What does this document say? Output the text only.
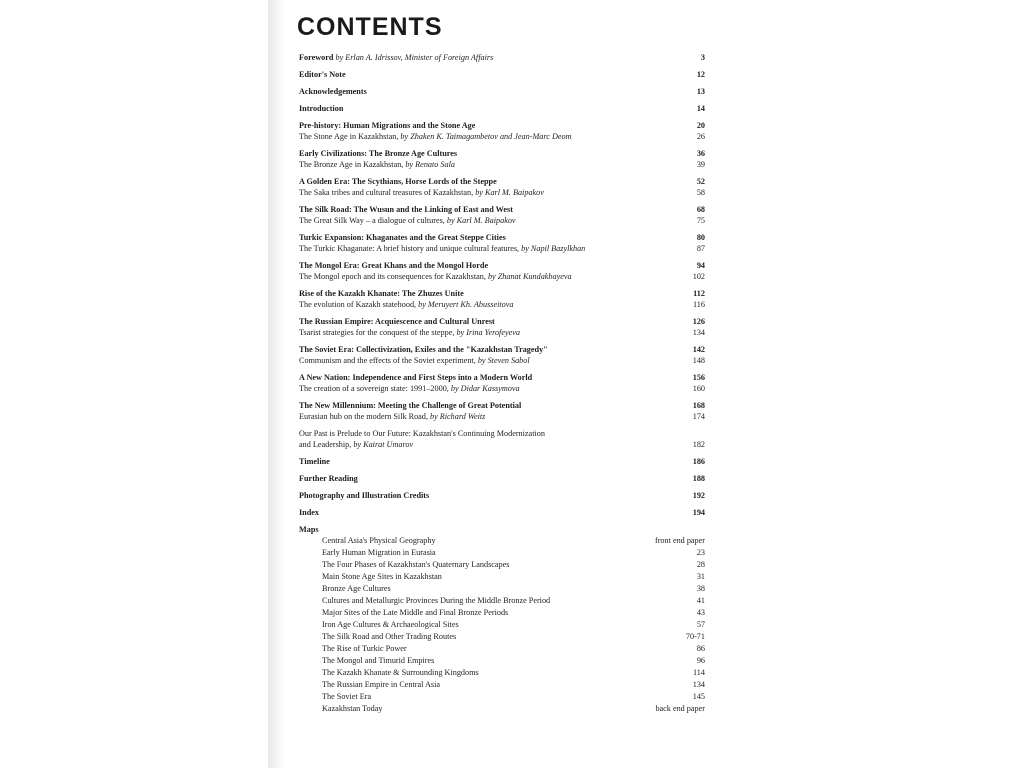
CONTENTS
Foreword by Erlan A. Idrissov, Minister of Foreign Affairs	3
Editor's Note	12
Acknowledgements	13
Introduction	14
Pre-history: Human Migrations and the Stone Age	20
The Stone Age in Kazakhstan, by Zhaken K. Taimagambetov and Jean-Marc Deom	26
Early Civilizations: The Bronze Age Cultures	36
The Bronze Age in Kazakhstan, by Renato Sala	39
A Golden Era: The Scythians, Horse Lords of the Steppe	52
The Saka tribes and cultural treasures of Kazakhstan, by Karl M. Baipakov	58
The Silk Road: The Wusun and the Linking of East and West	68
The Great Silk Way – a dialogue of cultures, by Karl M. Baipakov	75
Turkic Expansion: Khaganates and the Great Steppe Cities	80
The Turkic Khaganate: A brief history and unique cultural features, by Napil Bazylkhan	87
The Mongol Era: Great Khans and the Mongol Horde	94
The Mongol epoch and its consequences for Kazakhstan, by Zhanat Kundakbayeva	102
Rise of the Kazakh Khanate: The Zhuzes Unite	112
The evolution of Kazakh statehood, by Meruyert Kh. Abusseitova	116
The Russian Empire: Acquiescence and Cultural Unrest	126
Tsarist strategies for the conquest of the steppe, by Irina Yerofeyeva	134
The Soviet Era: Collectivization, Exiles and the "Kazakhstan Tragedy"	142
Communism and the effects of the Soviet experiment, by Steven Sabol	148
A New Nation: Independence and First Steps into a Modern World	156
The creation of a sovereign state: 1991–2000, by Didar Kassymova	160
The New Millennium: Meeting the Challenge of Great Potential	168
Eurasian hub on the modern Silk Road, by Richard Weitz	174
Our Past is Prelude to Our Future: Kazakhstan's Continuing Modernization
and Leadership, by Kairat Umarov	182
Timeline	186
Further Reading	188
Photography and Illustration Credits	192
Index	194
Maps
Central Asia's Physical Geography	front end paper
Early Human Migration in Eurasia	23
The Four Phases of Kazakhstan's Quaternary Landscapes	28
Main Stone Age Sites in Kazakhstan	31
Bronze Age Cultures	38
Cultures and Metallurgic Provinces During the Middle Bronze Period	41
Major Sites of the Late Middle and Final Bronze Periods	43
Iron Age Cultures & Archaeological Sites	57
The Silk Road and Other Trading Routes	70-71
The Rise of Turkic Power	86
The Mongol and Timurid Empires	96
The Kazakh Khanate & Surrounding Kingdoms	114
The Russian Empire in Central Asia	134
The Soviet Era	145
Kazakhstan Today	back end paper
